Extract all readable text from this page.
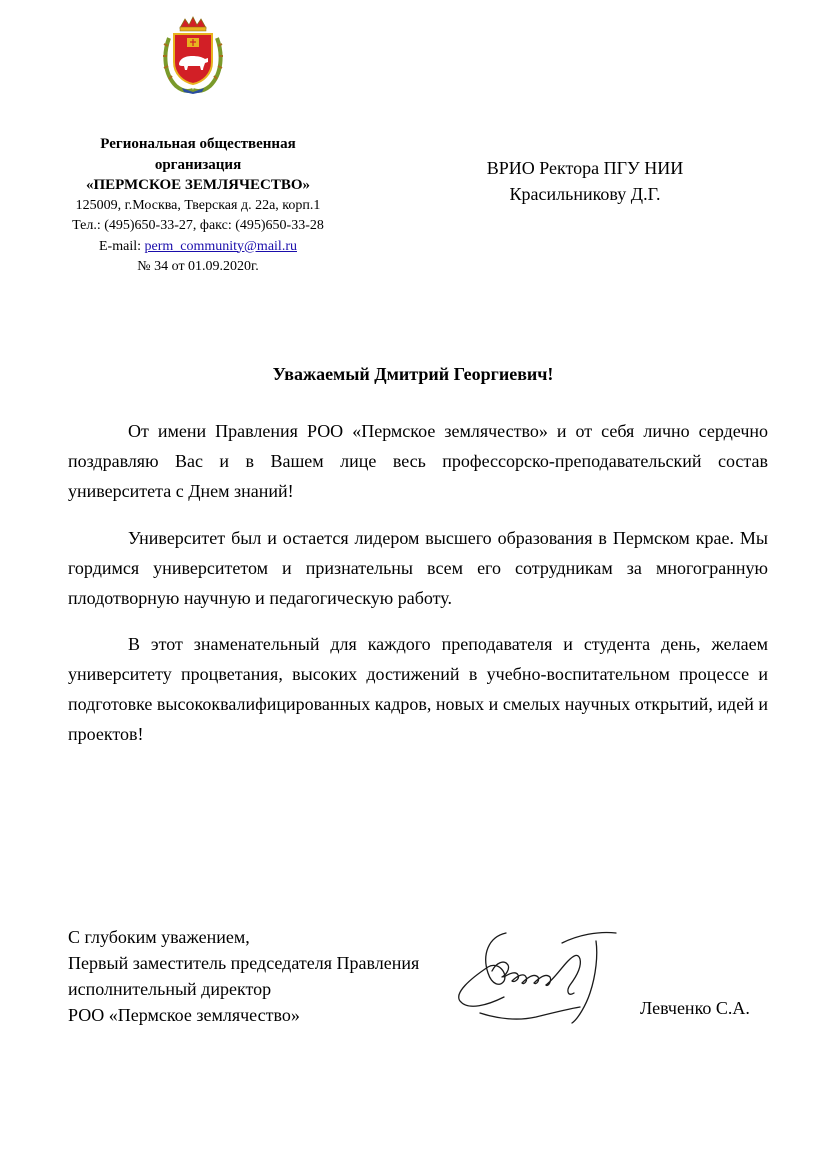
Региональная общественная
организация
«ПЕРМСКОЕ ЗЕМЛЯЧЕСТВО»
125009, г.Москва, Тверская д. 22а, корп.1
Тел.: (495)650-33-27, факс: (495)650-33-28
E-mail: perm_community@mail.ru
№ 34 от 01.09.2020г.
ВРИО Ректора ПГУ НИИ
Красильникову Д.Г.
Уважаемый Дмитрий Георгиевич!

От имени Правления РОО «Пермское землячество» и от себя лично сердечно поздравляю Вас и в Вашем лице весь профессорско-преподавательский состав университета с Днем знаний!

Университет был и остается лидером высшего образования в Пермском крае. Мы гордимся университетом и признательны всем его сотрудникам за многогранную плодотворную научную и педагогическую работу.

В этот знаменательный для каждого преподавателя и студента день, желаем университету процветания, высоких достижений в учебно-воспитательном процессе и подготовке высококвалифицированных кадров, новых и смелых научных открытий, идей и проектов!

С глубоким уважением,
Первый заместитель председателя Правления
исполнительный директор
РОО «Пермское землячество»	Левченко С.А.
